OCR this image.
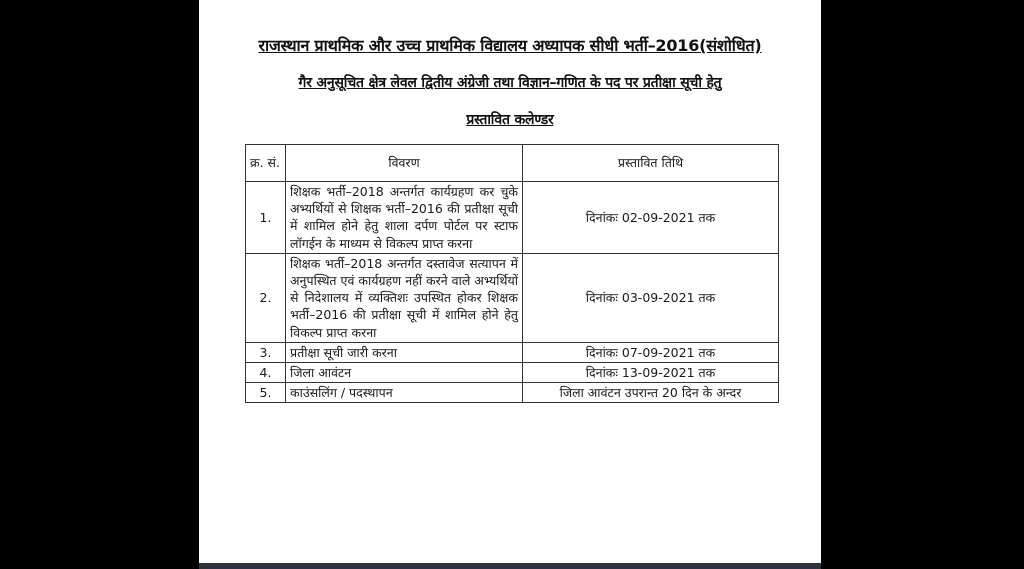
राजस्थान प्राथमिक और उच्च प्राथमिक विद्यालय अध्यापक सीधी भर्ती–2016(संशोधित)
गैर अनुसूचित क्षेत्र लेवल द्वितीय अंग्रेजी तथा विज्ञान–गणित के पद पर प्रतीक्षा सूची हेतु
प्रस्तावित कलेण्डर
क्र. सं.	विवरण	प्रस्तावित तिथि
1.	शिक्षक भर्ती–2018 अन्तर्गत कार्यग्रहण कर चुके अभ्यर्थियों से शिक्षक भर्ती–2016 की प्रतीक्षा सूची में शामिल होने हेतु शाला दर्पण पोर्टल पर स्टाफ लॉगईन के माध्यम से विकल्प प्राप्त करना	दिनांकः 02-09-2021 तक
2.	शिक्षक भर्ती–2018 अन्तर्गत दस्तावेज सत्यापन में अनुपस्थित एवं कार्यग्रहण नहीं करने वाले अभ्यर्थियों से निदेशालय में व्यक्तिशः उपस्थित होकर शिक्षक भर्ती–2016 की प्रतीक्षा सूची में शामिल होने हेतु विकल्प प्राप्त करना	दिनांकः 03-09-2021 तक
3.	प्रतीक्षा सूची जारी करना	दिनांकः 07-09-2021 तक
4.	जिला आवंटन	दिनांकः 13-09-2021 तक
5.	काउंसलिंग / पदस्थापन	जिला आवंटन उपरान्त 20 दिन के अन्दर
